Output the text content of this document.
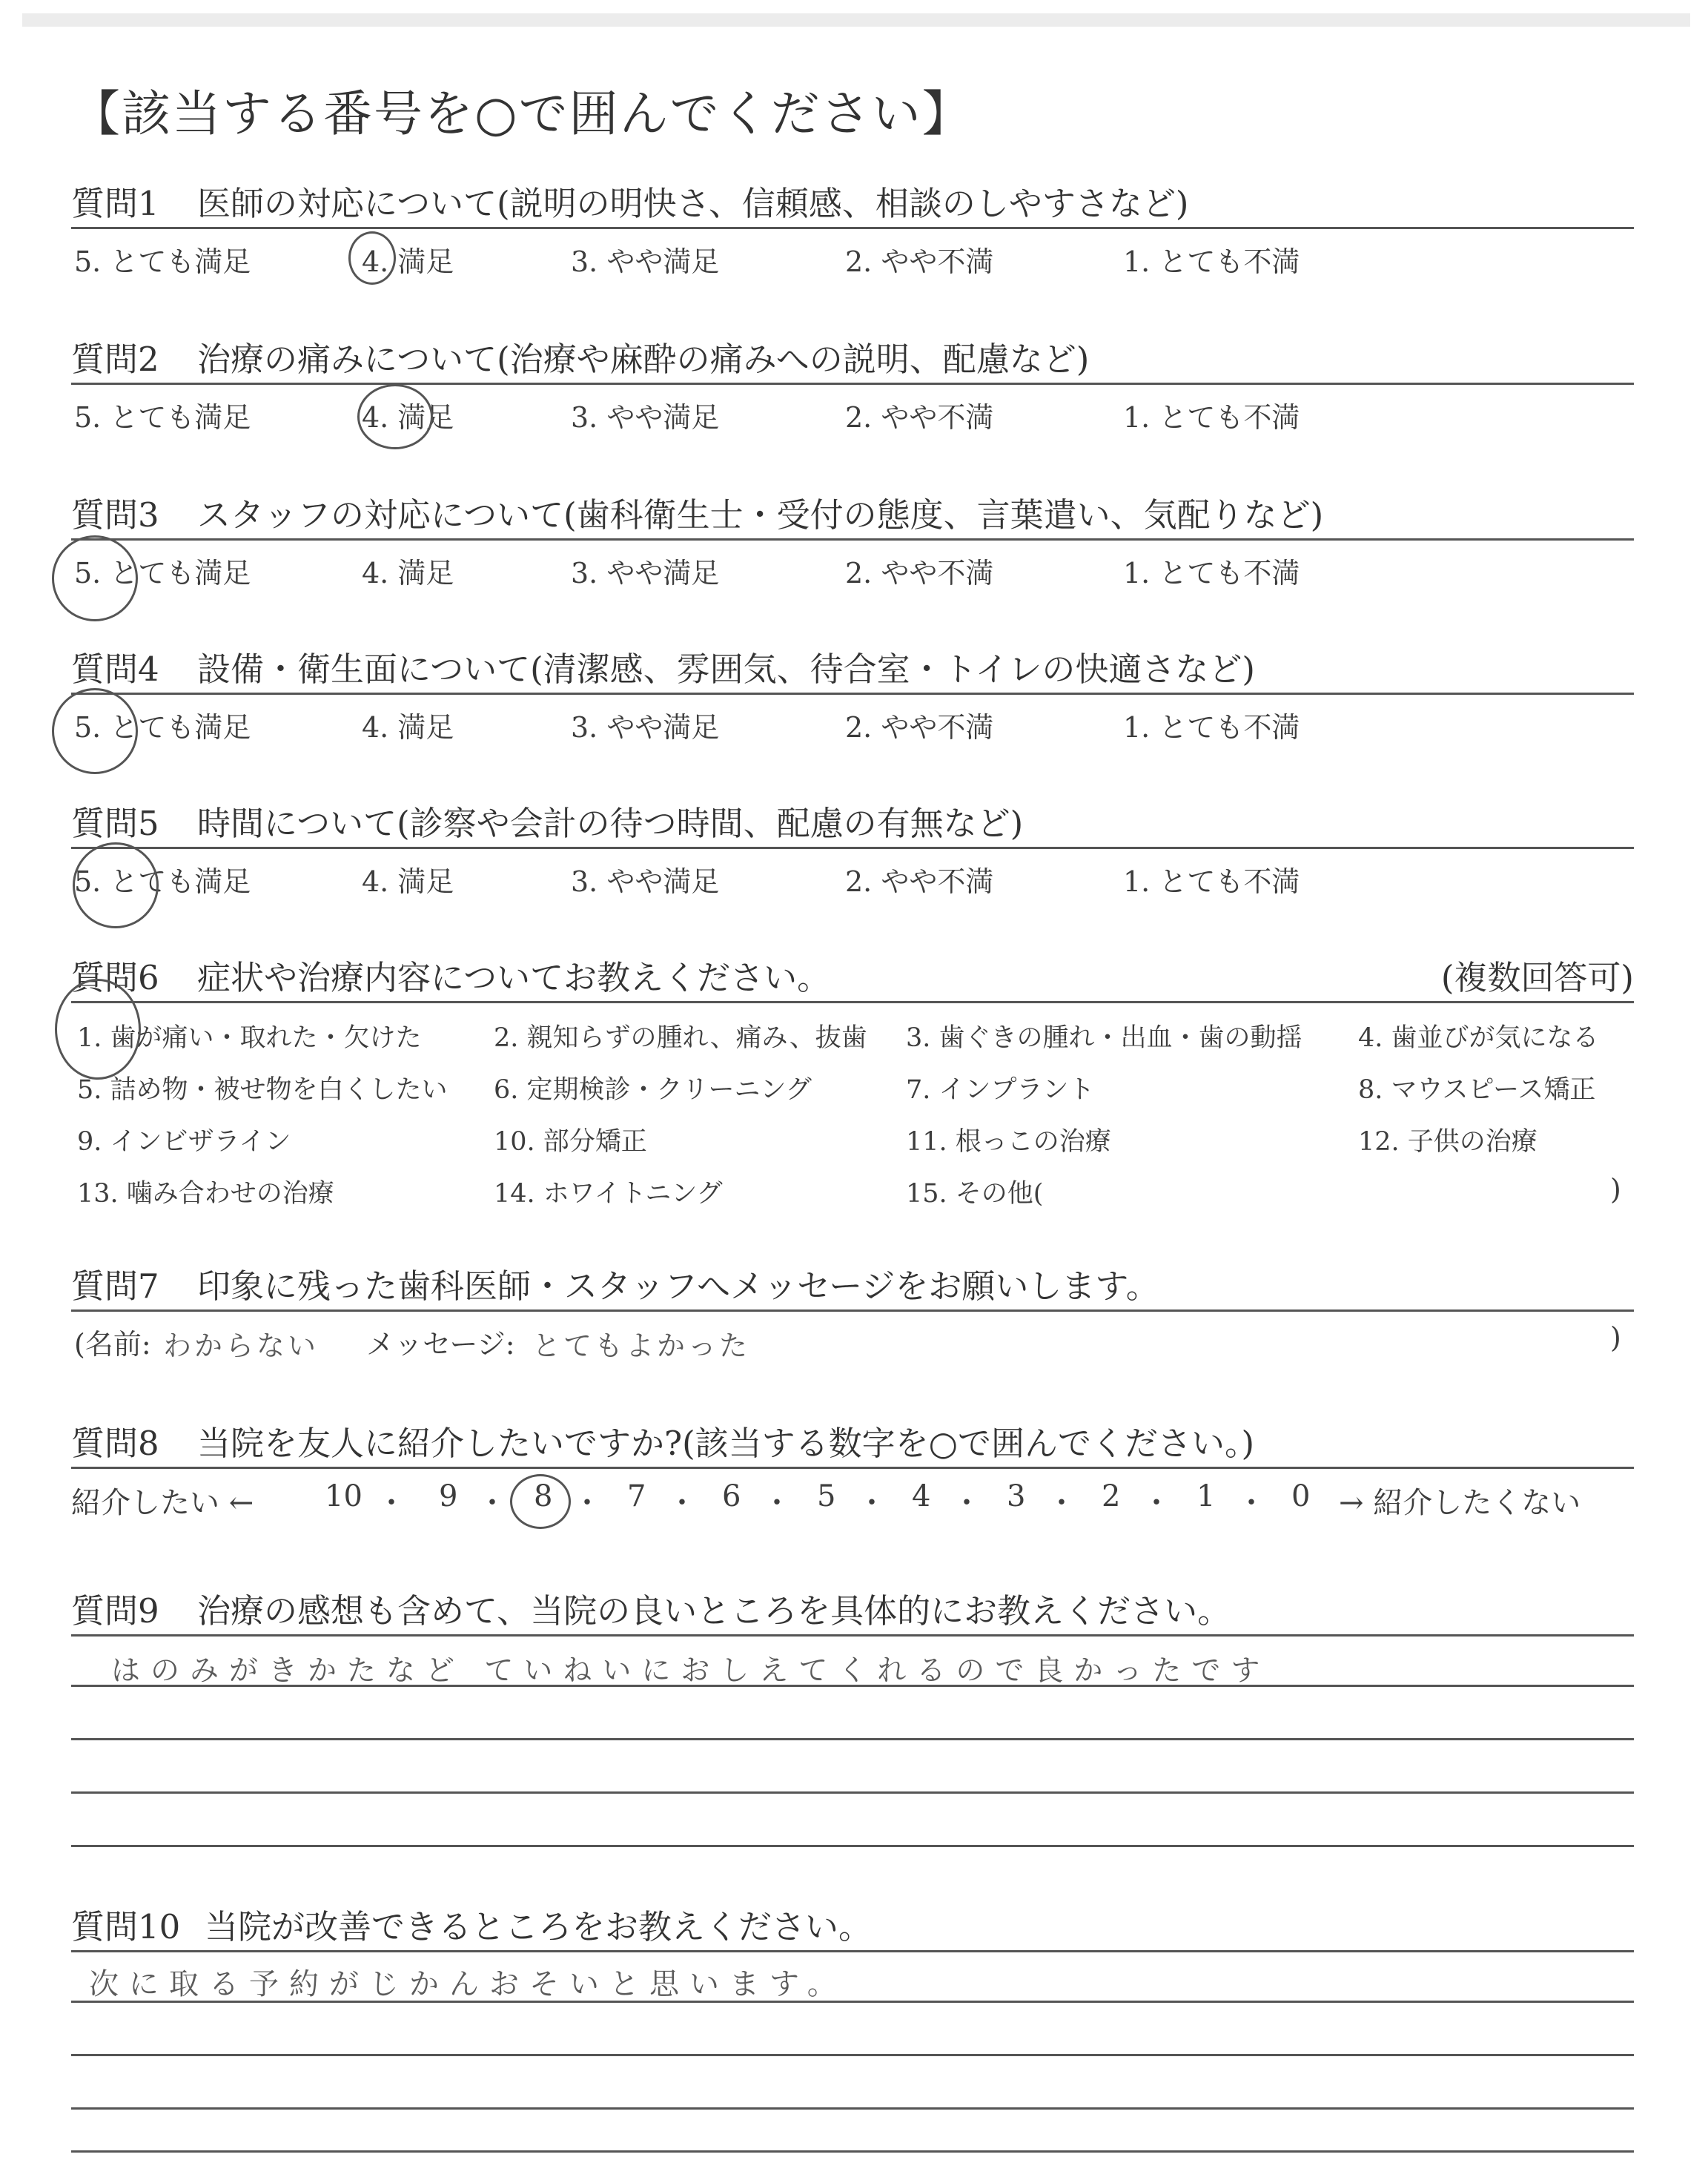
【該当する番号を○で囲んでください】
質問1 医師の対応について(説明の明快さ、信頼感、相談のしやすさなど)
5. とても満足	4. 満足	3. やや満足	2. やや不満	1. とても不満
質問2 治療の痛みについて(治療や麻酔の痛みへの説明、配慮など)
5. とても満足	4. 満足	3. やや満足	2. やや不満	1. とても不満
質問3 スタッフの対応について(歯科衛生士・受付の態度、言葉遣い、気配りなど)
5. とても満足	4. 満足	3. やや満足	2. やや不満	1. とても不満
質問4 設備・衛生面について(清潔感、雰囲気、待合室・トイレの快適さなど)
5. とても満足	4. 満足	3. やや満足	2. やや不満	1. とても不満
質問5 時間について(診察や会計の待つ時間、配慮の有無など)
5. とても満足	4. 満足	3. やや満足	2. やや不満	1. とても不満
質問6 症状や治療内容についてお教えください。	(複数回答可)
1. 歯が痛い・取れた・欠けた	2. 親知らずの腫れ、痛み、抜歯 3. 歯ぐきの腫れ・出血・歯の動揺 4. 歯並びが気になる
5. 詰め物・被せ物を白くしたい 6. 定期検診・クリーニング	7. インプラント	8. マウスピース矯正
9. インビザライン	10. 部分矯正	11. 根っこの治療	12. 子供の治療
13. 噛み合わせの治療	14. ホワイトニング	15. その他(	)
質問7 印象に残った歯科医師・スタッフへメッセージをお願いします。
(名前: わからない メッセージ: とてもよかった	)
質問8 当院を友人に紹介したいですか?(該当する数字を○で囲んでください。)
紹介したい ← 10 ・ 9 ・ 8 ・ 7 ・ 6 ・ 5 ・ 4 ・ 3 ・ 2 ・ 1 ・ 0 → 紹介したくない
質問9 治療の感想も含めて、当院の良いところを具体的にお教えください。
はのみがきかたなど ていねいにおしえてくれるので良かったです
質問10 当院が改善できるところをお教えください。
次に取る予約がじかんおそいと思います。
